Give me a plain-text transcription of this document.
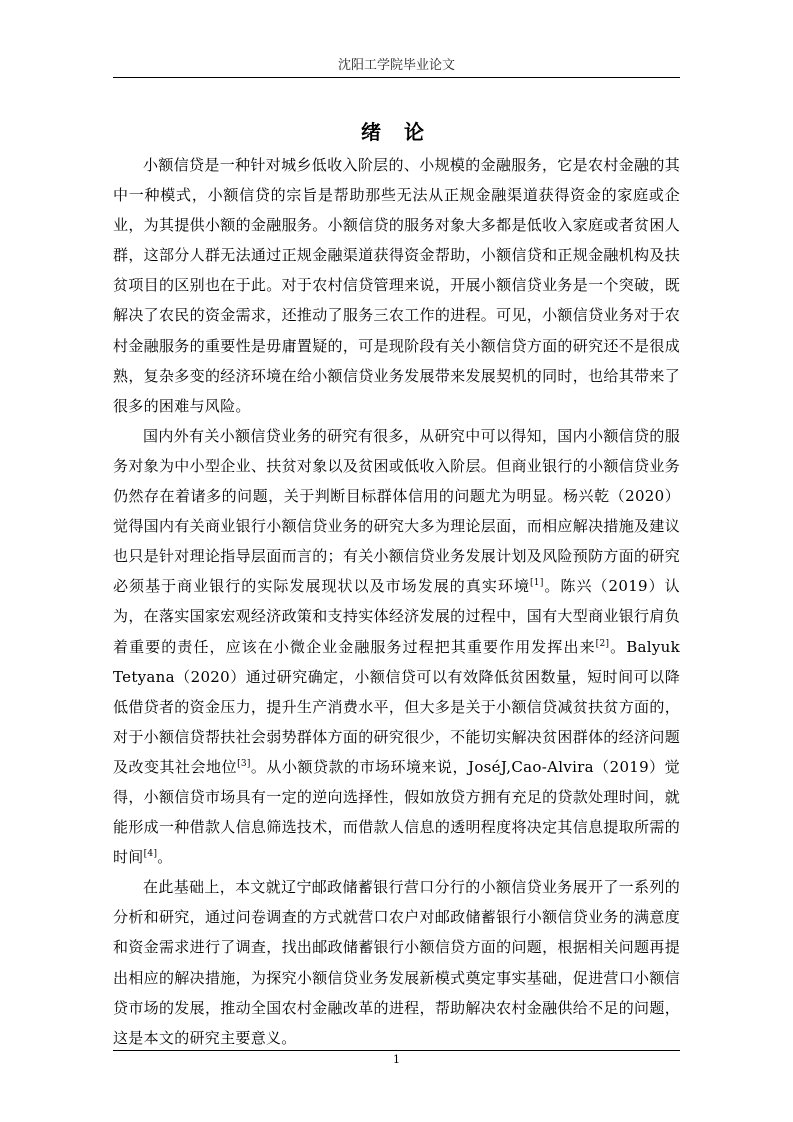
沈阳工学院毕业论文
绪 论

小额信贷是一种针对城乡低收入阶层的、小规模的金融服务，它是农村金融的其中一种模式，小额信贷的宗旨是帮助那些无法从正规金融渠道获得资金的家庭或企业，为其提供小额的金融服务。小额信贷的服务对象大多都是低收入家庭或者贫困人群，这部分人群无法通过正规金融渠道获得资金帮助，小额信贷和正规金融机构及扶贫项目的区别也在于此。对于农村信贷管理来说，开展小额信贷业务是一个突破，既解决了农民的资金需求，还推动了服务三农工作的进程。可见，小额信贷业务对于农村金融服务的重要性是毋庸置疑的，可是现阶段有关小额信贷方面的研究还不是很成熟，复杂多变的经济环境在给小额信贷业务发展带来发展契机的同时，也给其带来了很多的困难与风险。

国内外有关小额信贷业务的研究有很多，从研究中可以得知，国内小额信贷的服务对象为中小型企业、扶贫对象以及贫困或低收入阶层。但商业银行的小额信贷业务仍然存在着诸多的问题，关于判断目标群体信用的问题尤为明显。杨兴乾（2020）觉得国内有关商业银行小额信贷业务的研究大多为理论层面，而相应解决措施及建议也只是针对理论指导层面而言的；有关小额信贷业务发展计划及风险预防方面的研究必须基于商业银行的实际发展现状以及市场发展的真实环境[1]。陈兴（2019）认为，在落实国家宏观经济政策和支持实体经济发展的过程中，国有大型商业银行肩负着重要的责任，应该在小微企业金融服务过程把其重要作用发挥出来[2]。Balyuk Tetyana（2020）通过研究确定，小额信贷可以有效降低贫困数量，短时间可以降低借贷者的资金压力，提升生产消费水平，但大多是关于小额信贷减贫扶贫方面的，对于小额信贷帮扶社会弱势群体方面的研究很少，不能切实解决贫困群体的经济问题及改变其社会地位[3]。从小额贷款的市场环境来说，JoséJ,Cao-Alvira（2019）觉得，小额信贷市场具有一定的逆向选择性，假如放贷方拥有充足的贷款处理时间，就能形成一种借款人信息筛选技术，而借款人信息的透明程度将决定其信息提取所需的时间[4]。

在此基础上，本文就辽宁邮政储蓄银行营口分行的小额信贷业务展开了一系列的分析和研究，通过问卷调查的方式就营口农户对邮政储蓄银行小额信贷业务的满意度和资金需求进行了调查，找出邮政储蓄银行小额信贷方面的问题，根据相关问题再提出相应的解决措施，为探究小额信贷业务发展新模式奠定事实基础，促进营口小额信贷市场的发展，推动全国农村金融改革的进程，帮助解决农村金融供给不足的问题，这是本文的研究主要意义。

1
